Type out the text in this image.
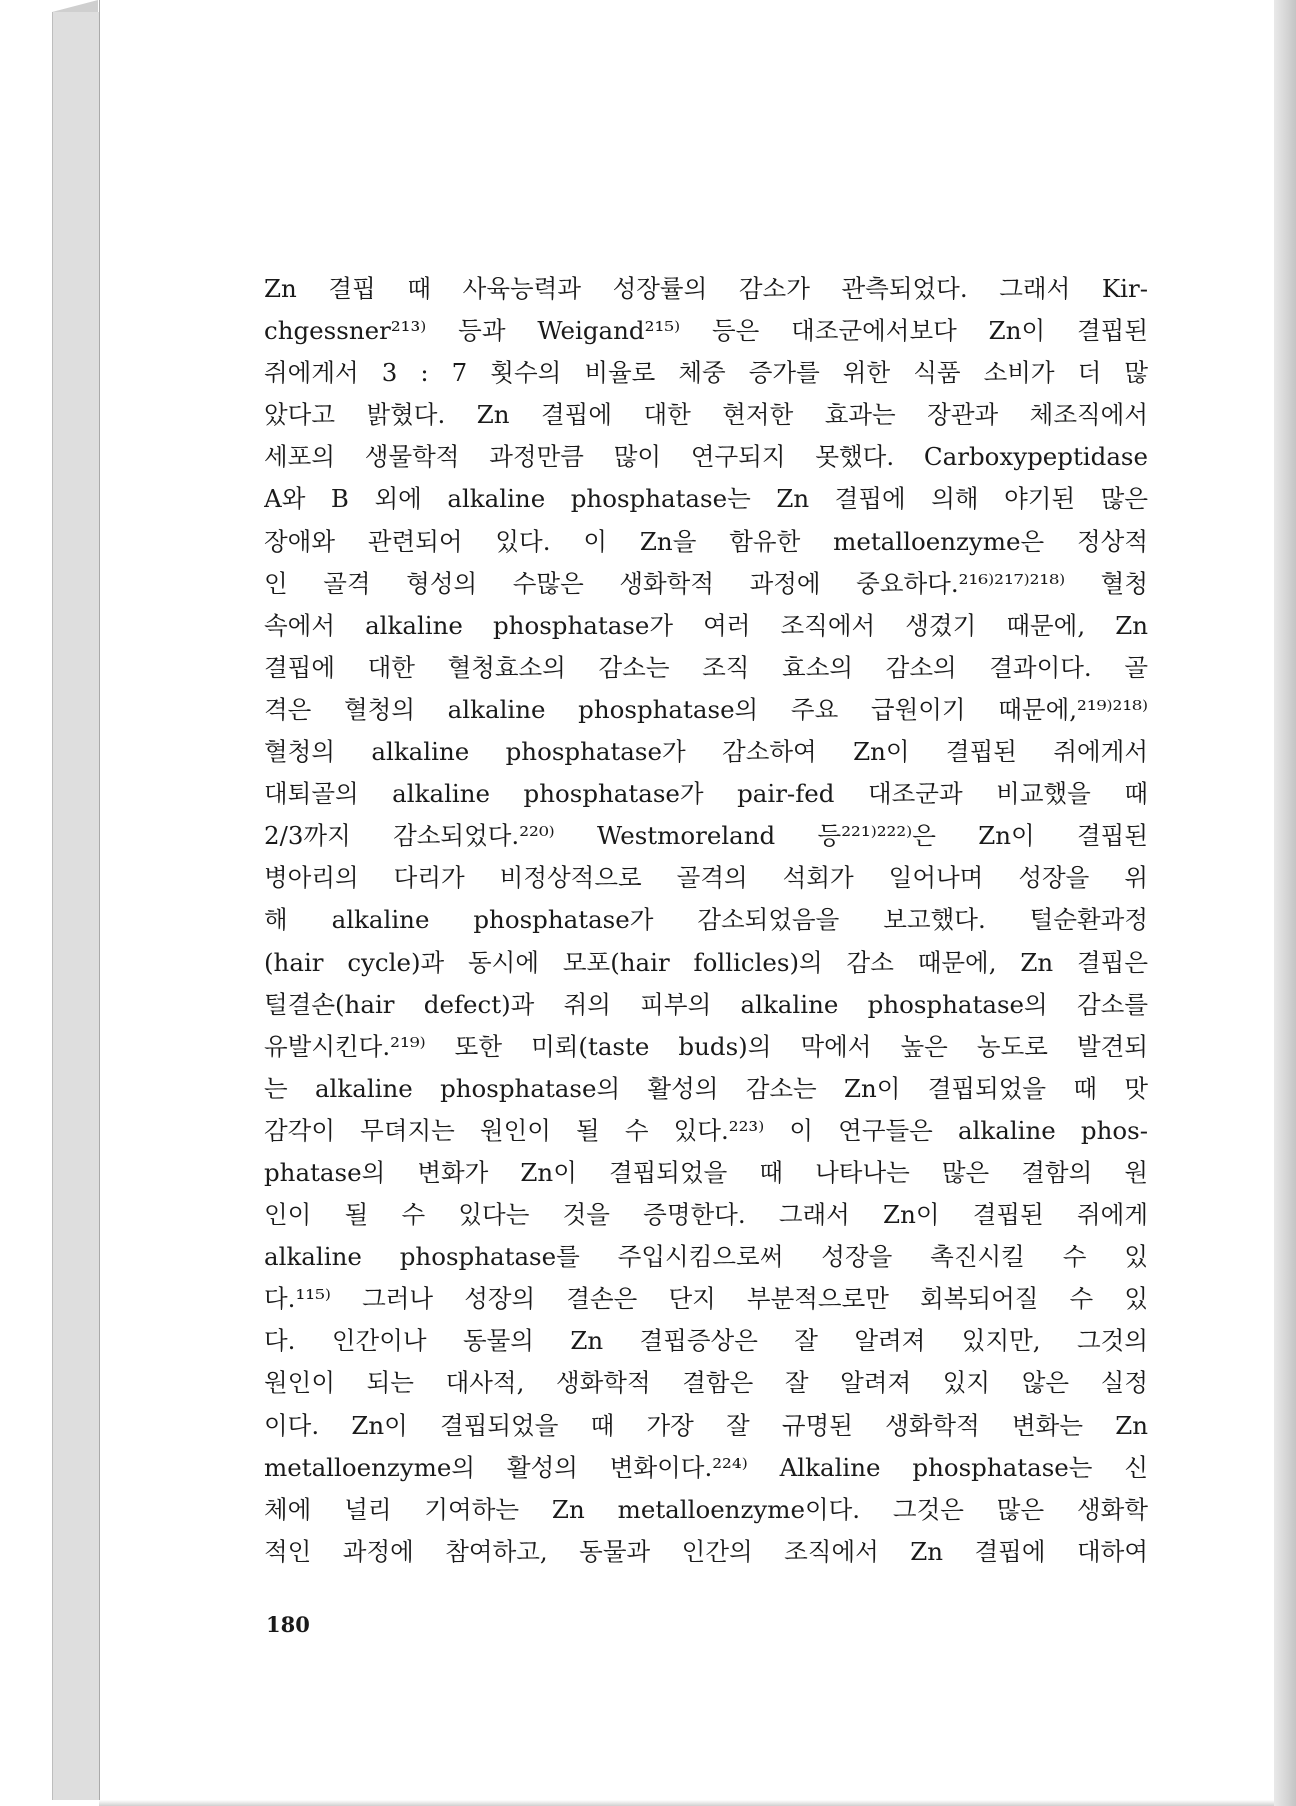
Zn 결핍 때 사육능력과 성장률의 감소가 관측되었다. 그래서 Kir-
chgessner²¹³⁾ 등과 Weigand²¹⁵⁾ 등은 대조군에서보다 Zn이 결핍된
쥐에게서 3 : 7 횟수의 비율로 체중 증가를 위한 식품 소비가 더 많
았다고 밝혔다. Zn 결핍에 대한 현저한 효과는 장관과 체조직에서
세포의 생물학적 과정만큼 많이 연구되지 못했다. Carboxypeptidase
A와 B 외에 alkaline phosphatase는 Zn 결핍에 의해 야기된 많은
장애와 관련되어 있다. 이 Zn을 함유한 metalloenzyme은 정상적
인 골격 형성의 수많은 생화학적 과정에 중요하다.²¹⁶⁾²¹⁷⁾²¹⁸⁾ 혈청
속에서 alkaline phosphatase가 여러 조직에서 생겼기 때문에, Zn
결핍에 대한 혈청효소의 감소는 조직 효소의 감소의 결과이다. 골
격은 혈청의 alkaline phosphatase의 주요 급원이기 때문에,²¹⁹⁾²¹⁸⁾
혈청의 alkaline phosphatase가 감소하여 Zn이 결핍된 쥐에게서
대퇴골의 alkaline phosphatase가 pair-fed 대조군과 비교했을 때
2/3까지 감소되었다.²²⁰⁾ Westmoreland 등²²¹⁾²²²⁾은 Zn이 결핍된
병아리의 다리가 비정상적으로 골격의 석회가 일어나며 성장을 위
해 alkaline phosphatase가 감소되었음을 보고했다. 털순환과정
(hair cycle)과 동시에 모포(hair follicles)의 감소 때문에, Zn 결핍은
털결손(hair defect)과 쥐의 피부의 alkaline phosphatase의 감소를
유발시킨다.²¹⁹⁾ 또한 미뢰(taste buds)의 막에서 높은 농도로 발견되
는 alkaline phosphatase의 활성의 감소는 Zn이 결핍되었을 때 맛
감각이 무뎌지는 원인이 될 수 있다.²²³⁾ 이 연구들은 alkaline phos-
phatase의 변화가 Zn이 결핍되었을 때 나타나는 많은 결함의 원
인이 될 수 있다는 것을 증명한다. 그래서 Zn이 결핍된 쥐에게
alkaline phosphatase를 주입시킴으로써 성장을 촉진시킬 수 있
다.¹¹⁵⁾ 그러나 성장의 결손은 단지 부분적으로만 회복되어질 수 있
다. 인간이나 동물의 Zn 결핍증상은 잘 알려져 있지만, 그것의
원인이 되는 대사적, 생화학적 결함은 잘 알려져 있지 않은 실정
이다. Zn이 결핍되었을 때 가장 잘 규명된 생화학적 변화는 Zn
metalloenzyme의 활성의 변화이다.²²⁴⁾ Alkaline phosphatase는 신
체에 널리 기여하는 Zn metalloenzyme이다. 그것은 많은 생화학
적인 과정에 참여하고, 동물과 인간의 조직에서 Zn 결핍에 대하여
180
